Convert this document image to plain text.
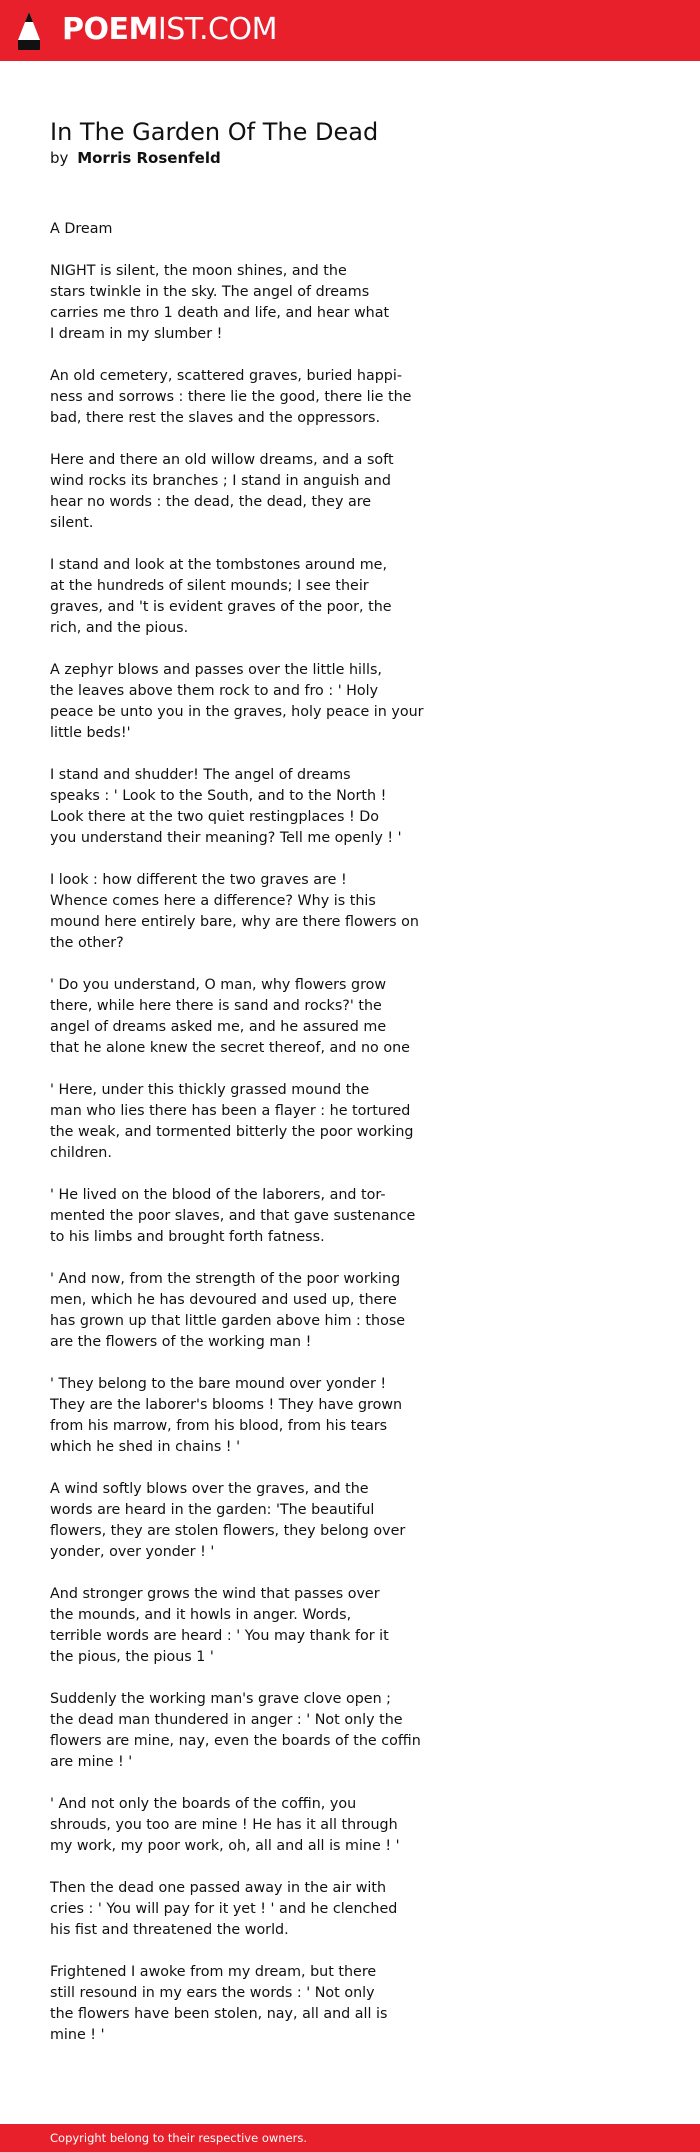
POEMIST.COM
In The Garden Of The Dead
by Morris Rosenfeld

A Dream

NIGHT is silent, the moon shines, and the
stars twinkle in the sky. The angel of dreams
carries me thro 1 death and life, and hear what
I dream in my slumber !

An old cemetery, scattered graves, buried happi-
ness and sorrows : there lie the good, there lie the
bad, there rest the slaves and the oppressors.

Here and there an old willow dreams, and a soft
wind rocks its branches ; I stand in anguish and
hear no words : the dead, the dead, they are
silent.

I stand and look at the tombstones around me,
at the hundreds of silent mounds; I see their
graves, and 't is evident graves of the poor, the
rich, and the pious.

A zephyr blows and passes over the little hills,
the leaves above them rock to and fro : ' Holy
peace be unto you in the graves, holy peace in your
little beds!'

I stand and shudder! The angel of dreams
speaks : ' Look to the South, and to the North !
Look there at the two quiet restingplaces ! Do
you understand their meaning? Tell me openly ! '

I look : how different the two graves are !
Whence comes here a difference? Why is this
mound here entirely bare, why are there flowers on
the other?

' Do you understand, O man, why flowers grow
there, while here there is sand and rocks?' the
angel of dreams asked me, and he assured me
that he alone knew the secret thereof, and no one

' Here, under this thickly grassed mound the
man who lies there has been a flayer : he tortured
the weak, and tormented bitterly the poor working
children.

' He lived on the blood of the laborers, and tor-
mented the poor slaves, and that gave sustenance
to his limbs and brought forth fatness.

' And now, from the strength of the poor working
men, which he has devoured and used up, there
has grown up that little garden above him : those
are the flowers of the working man !

' They belong to the bare mound over yonder !
They are the laborer's blooms ! They have grown
from his marrow, from his blood, from his tears
which he shed in chains ! '

A wind softly blows over the graves, and the
words are heard in the garden: 'The beautiful
flowers, they are stolen flowers, they belong over
yonder, over yonder ! '

And stronger grows the wind that passes over
the mounds, and it howls in anger. Words,
terrible words are heard : ' You may thank for it
the pious, the pious 1 '

Suddenly the working man's grave clove open ;
the dead man thundered in anger : ' Not only the
flowers are mine, nay, even the boards of the coffin
are mine ! '

' And not only the boards of the coffin, you
shrouds, you too are mine ! He has it all through
my work, my poor work, oh, all and all is mine ! '

Then the dead one passed away in the air with
cries : ' You will pay for it yet ! ' and he clenched
his fist and threatened the world.

Frightened I awoke from my dream, but there
still resound in my ears the words : ' Not only
the flowers have been stolen, nay, all and all is
mine ! '

Copyright belong to their respective owners.
